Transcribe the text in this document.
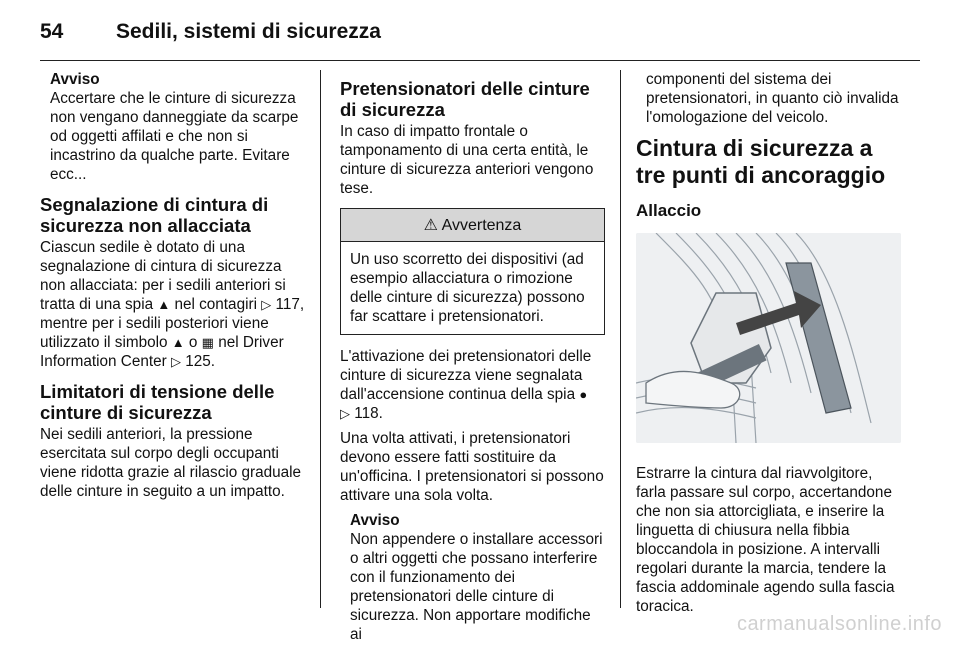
54	Sedili, sistemi di sicurezza

Avviso

Accertare che le cinture di sicurezza non vengano danneggiate da scarpe od oggetti affilati e che non si incastrino da qualche parte. Evitare ecc...

Segnalazione di cintura di sicurezza non allacciata

Ciascun sedile è dotato di una segnalazione di cintura di sicurezza non allacciata: per i sedili anteriori si tratta di una spia ▲ nel contagiri ▷ 117, mentre per i sedili posteriori viene utilizzato il simbolo ▲ o ▦ nel Driver Information Center ▷ 125.

Limitatori di tensione delle cinture di sicurezza

Nei sedili anteriori, la pressione esercitata sul corpo degli occupanti viene ridotta grazie al rilascio graduale delle cinture in seguito a un impatto.

Pretensionatori delle cinture di sicurezza

In caso di impatto frontale o tamponamento di una certa entità, le cinture di sicurezza anteriori vengono tese.

⚠ Avvertenza
Un uso scorretto dei dispositivi (ad esempio allacciatura o rimozione delle cinture di sicurezza) possono far scattare i pretensionatori.

L'attivazione dei pretensionatori delle cinture di sicurezza viene segnalata dall'accensione continua della spia ●
▷ 118.

Una volta attivati, i pretensionatori devono essere fatti sostituire da un'officina. I pretensionatori si possono attivare una sola volta.

Avviso

Non appendere o installare accessori o altri oggetti che possano interferire con il funzionamento dei pretensionatori delle cinture di sicurezza. Non apportare modifiche ai

componenti del sistema dei pretensionatori, in quanto ciò invalida l'omologazione del veicolo.

Cintura di sicurezza a tre punti di ancoraggio
Allaccio

Estrarre la cintura dal riavvolgitore, farla passare sul corpo, accertandone che non sia attorcigliata, e inserire la linguetta di chiusura nella fibbia bloccandola in posizione. A intervalli regolari durante la marcia, tendere la fascia addominale agendo sulla fascia toracica.

carmanualsonline.info
